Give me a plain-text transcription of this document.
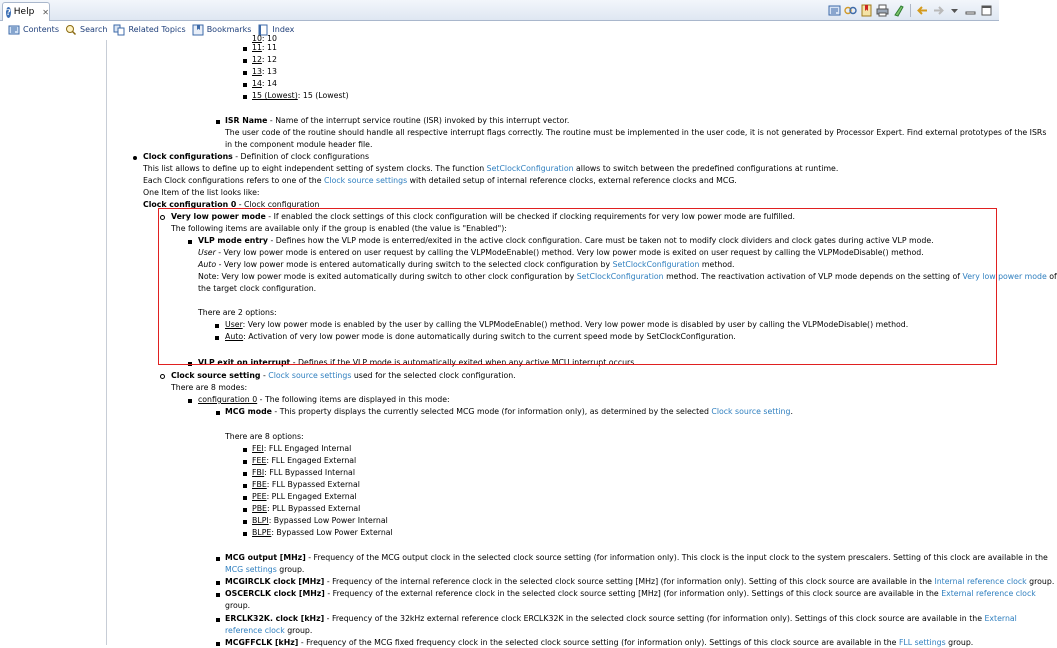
? Help ✕
Contents	Search	Related Topics	Bookmarks	Index
10: 10
11: 11
12: 12
13: 13
14: 14
15 (Lowest): 15 (Lowest)
ISR Name - Name of the interrupt service routine (ISR) invoked by this interrupt vector.
The user code of the routine should handle all respective interrupt flags correctly. The routine must be implemented in the user code, it is not generated by Processor Expert. Find external prototypes of the ISRs
in the component module header file.
Clock configurations - Definition of clock configurations
This list allows to define up to eight independent setting of system clocks. The function SetClockConfiguration allows to switch between the predefined configurations at runtime.
Each Clock configurations refers to one of the Clock source settings with detailed setup of internal reference clocks, external reference clocks and MCG.
One Item of the list looks like:
Clock configuration 0 - Clock configuration
Very low power mode - If enabled the clock settings of this clock configuration will be checked if clocking requirements for very low power mode are fulfilled.
The following items are available only if the group is enabled (the value is "Enabled"):
VLP mode entry - Defines how the VLP mode is enterred/exited in the active clock configuration. Care must be taken not to modify clock dividers and clock gates during active VLP mode.
User - Very low power mode is entered on user request by calling the VLPModeEnable() method. Very low power mode is exited on user request by calling the VLPModeDisable() method.
Auto - Very low power mode is entered automatically during switch to the selected clock configuration by SetClockConfiguration method.
Note: Very low power mode is exited automatically during switch to other clock configuration by SetClockConfiguration method. The reactivation activation of VLP mode depends on the setting of Very low power mode of
the target clock configuration.
There are 2 options:
User: Very low power mode is enabled by the user by calling the VLPModeEnable() method. Very low power mode is disabled by user by calling the VLPModeDisable() method.
Auto: Activation of very low power mode is done automatically during switch to the current speed mode by SetClockConfiguration.
VLP exit on interrupt - Defines if the VLP mode is automatically exited when any active MCU interrupt occurs.
Clock source setting - Clock source settings used for the selected clock configuration.
There are 8 modes:
configuration 0 - The following items are displayed in this mode:
MCG mode - This property displays the currently selected MCG mode (for information only), as determined by the selected Clock source setting.
There are 8 options:
FEI: FLL Engaged Internal
FEE: FLL Engaged External
FBI: FLL Bypassed Internal
FBE: FLL Bypassed External
PEE: PLL Engaged External
PBE: PLL Bypassed External
BLPI: Bypassed Low Power Internal
BLPE: Bypassed Low Power External
MCG output [MHz] - Frequency of the MCG output clock in the selected clock source setting (for information only). This clock is the input clock to the system prescalers. Setting of this clock are available in the
MCG settings group.
MCGIRCLK clock [MHz] - Frequency of the internal reference clock in the selected clock source setting [MHz] (for information only). Setting of this clock source are available in the Internal reference clock group.
OSCERCLK clock [MHz] - Frequency of the external reference clock in the selected clock source setting [MHz] (for information only). Settings of this clock source are available in the External reference clock
group.
ERCLK32K. clock [kHz] - Frequency of the 32kHz external reference clock ERCLK32K in the selected clock source setting (for information only). Settings of this clock source are available in the External
reference clock group.
MCGFFCLK [kHz] - Frequency of the MCG fixed frequency clock in the selected clock source setting (for information only). Settings of this clock source are available in the FLL settings group.
